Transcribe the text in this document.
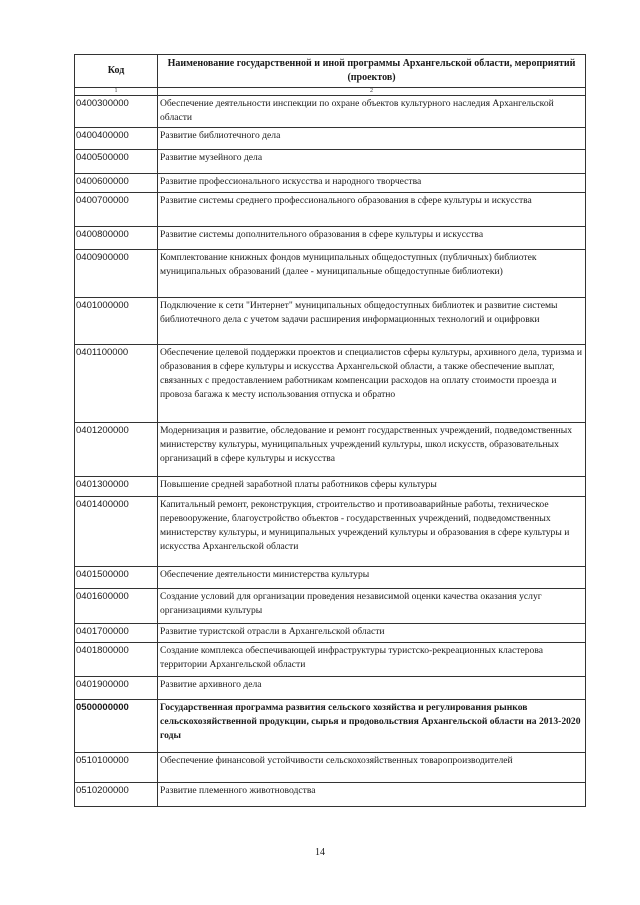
Код	Наименование государственной и иной программы Архангельской области, мероприятий (проектов)
1	2
0400300000	Обеспечение деятельности инспекции по охране объектов культурного наследия Архангельской области
0400400000	Развитие библиотечного дела
0400500000	Развитие музейного дела
0400600000	Развитие профессионального искусства и народного творчества
0400700000	Развитие системы среднего профессионального образования в сфере культуры и искусства
0400800000	Развитие системы дополнительного образования в сфере культуры и искусства
0400900000	Комплектование книжных фондов муниципальных общедоступных (публичных) библиотек муниципальных образований (далее - муниципальные общедоступные библиотеки)
0401000000	Подключение к сети "Интернет" муниципальных общедоступных библиотек и развитие системы библиотечного дела с учетом задачи расширения информационных технологий и оцифровки
0401100000	Обеспечение целевой поддержки проектов и специалистов сферы культуры, архивного дела, туризма и образования в сфере культуры и искусства Архангельской области, а также обеспечение выплат, связанных с предоставлением работникам компенсации расходов на оплату стоимости проезда и провоза багажа к месту использования отпуска и обратно
0401200000	Модернизация и развитие, обследование и ремонт государственных учреждений, подведомственных министерству культуры, муниципальных учреждений культуры, школ искусств, образовательных организаций в сфере культуры и искусства
0401300000	Повышение средней заработной платы работников сферы культуры
0401400000	Капитальный ремонт, реконструкция, строительство и противоаварийные работы, техническое перевооружение, благоустройство объектов - государственных учреждений, подведомственных министерству культуры, и муниципальных учреждений культуры и образования в сфере культуры и искусства Архангельской области
0401500000	Обеспечение деятельности министерства культуры
0401600000	Создание условий для организации проведения независимой оценки качества оказания услуг организациями культуры
0401700000	Развитие туристской отрасли в Архангельской области
0401800000	Создание комплекса обеспечивающей инфраструктуры туристско-рекреационных кластерова территории Архангельской области
0401900000	Развитие архивного дела
0500000000	Государственная программа развития сельского хозяйства и регулирования рынков сельскохозяйственной продукции, сырья и продовольствия Архангельской области на 2013-2020 годы
0510100000	Обеспечение финансовой устойчивости сельскохозяйственных товаропроизводителей
0510200000	Развитие племенного животноводства
14
